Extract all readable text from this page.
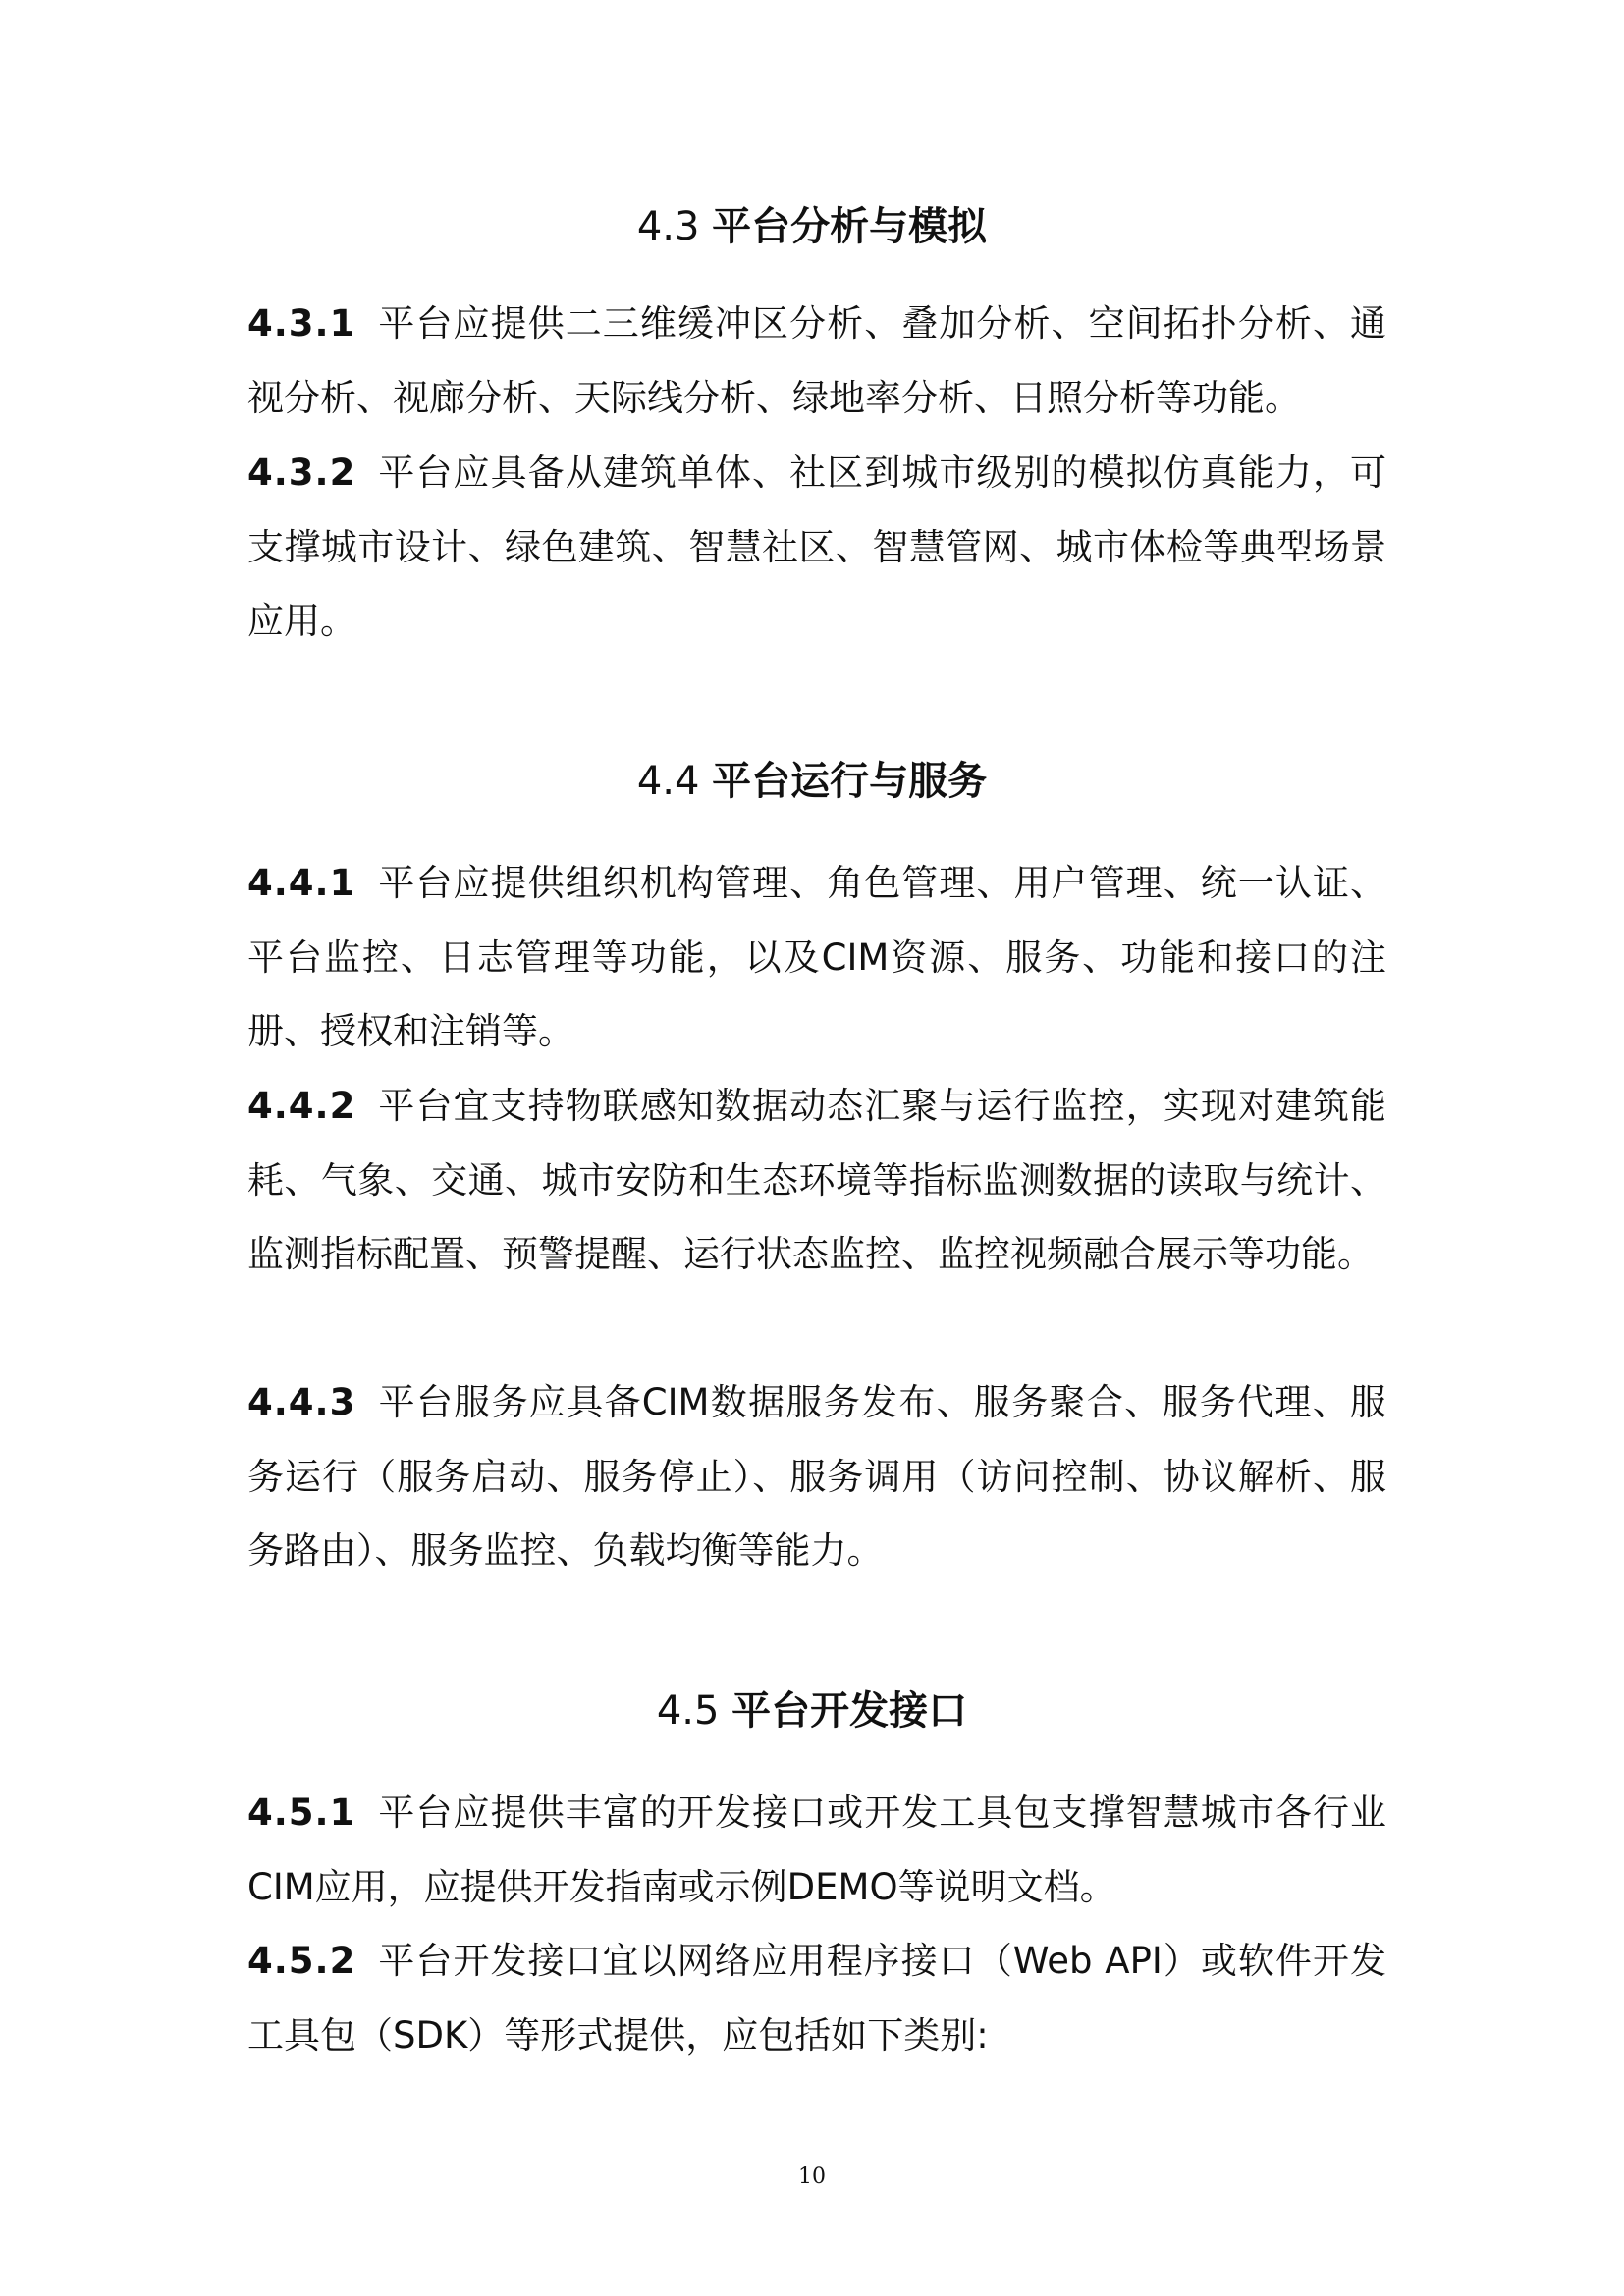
4.3 平台分析与模拟
4.3.1 平台应提供二三维缓冲区分析、叠加分析、空间拓扑分析、通视分析、视廊分析、天际线分析、绿地率分析、日照分析等功能。
4.3.2 平台应具备从建筑单体、社区到城市级别的模拟仿真能力，可支撑城市设计、绿色建筑、智慧社区、智慧管网、城市体检等典型场景应用。
4.4 平台运行与服务
4.4.1 平台应提供组织机构管理、角色管理、用户管理、统一认证、平台监控、日志管理等功能，以及CIM资源、服务、功能和接口的注册、授权和注销等。
4.4.2 平台宜支持物联感知数据动态汇聚与运行监控，实现对建筑能耗、气象、交通、城市安防和生态环境等指标监测数据的读取与统计、监测指标配置、预警提醒、运行状态监控、监控视频融合展示等功能。
4.4.3 平台服务应具备CIM数据服务发布、服务聚合、服务代理、服务运行（服务启动、服务停止）、服务调用（访问控制、协议解析、服务路由）、服务监控、负载均衡等能力。
4.5 平台开发接口
4.5.1 平台应提供丰富的开发接口或开发工具包支撑智慧城市各行业CIM应用，应提供开发指南或示例DEMO等说明文档。
4.5.2 平台开发接口宜以网络应用程序接口（Web API）或软件开发工具包（SDK）等形式提供，应包括如下类别:
10
